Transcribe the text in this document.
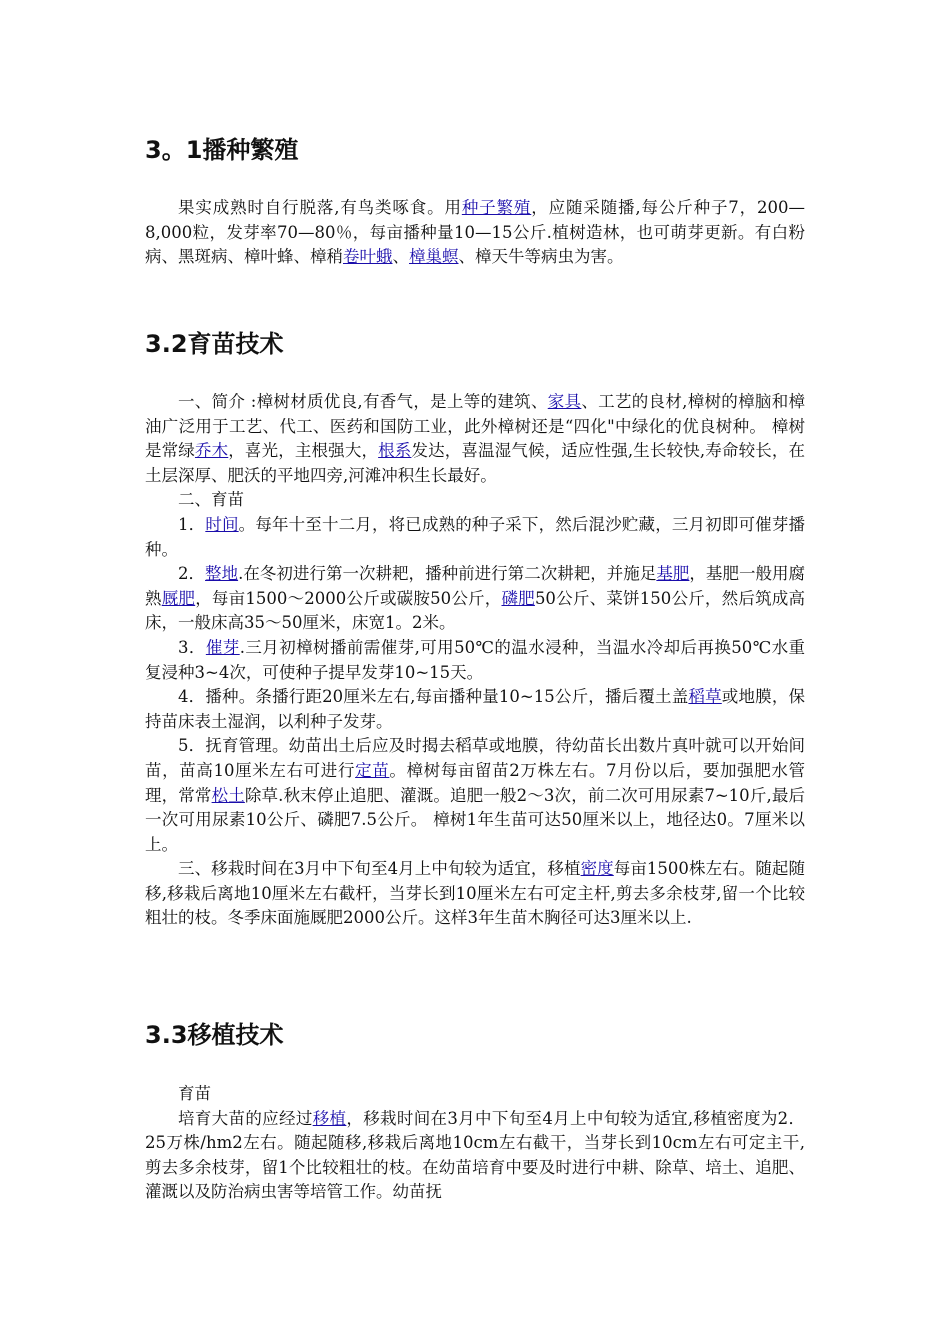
3。1播种繁殖

果实成熟时自行脱落,有鸟类啄食。用种子繁殖，应随采随播,每公斤种子7，200—8,000粒，发芽率70—80％，每亩播种量10—15公斤.植树造林，也可萌芽更新。有白粉病、黑斑病、樟叶蜂、樟稍卷叶蛾、樟巢螟、樟天牛等病虫为害。

3.2育苗技术

一、简介 :樟树材质优良,有香气，是上等的建筑、家具、工艺的良材,樟树的樟脑和樟油广泛用于工艺、代工、医药和国防工业，此外樟树还是“四化"中绿化的优良树种。 樟树是常绿乔木，喜光，主根强大，根系发达，喜温湿气候，适应性强,生长较快,寿命较长，在土层深厚、肥沃的平地四旁,河滩冲积生长最好。

二、育苗

1．时间。每年十至十二月，将已成熟的种子采下，然后混沙贮藏，三月初即可催芽播种。

2．整地.在冬初进行第一次耕耙，播种前进行第二次耕耙，并施足基肥，基肥一般用腐熟厩肥，每亩1500～2000公斤或碳胺50公斤，磷肥50公斤、菜饼150公斤，然后筑成高床，一般床高35～50厘米，床宽1。2米。

3．催芽.三月初樟树播前需催芽,可用50℃的温水浸种，当温水冷却后再换50℃水重复浸种3~4次，可使种子提早发芽10~15天。

4．播种。条播行距20厘米左右,每亩播种量10~15公斤，播后覆土盖稻草或地膜，保持苗床表土湿润，以利种子发芽。

5．抚育管理。幼苗出土后应及时揭去稻草或地膜，待幼苗长出数片真叶就可以开始间苗，苗高10厘米左右可进行定苗。樟树每亩留苗2万株左右。7月份以后，要加强肥水管理，常常松土除草.秋末停止追肥、灌溉。追肥一般2～3次，前二次可用尿素7~10斤,最后一次可用尿素10公斤、磷肥7.5公斤。 樟树1年生苗可达50厘米以上，地径达0。7厘米以上。

三、移栽时间在3月中下旬至4月上中旬较为适宜，移植密度每亩1500株左右。随起随移,移栽后离地10厘米左右截杆，当芽长到10厘米左右可定主杆,剪去多余枝芽,留一个比较粗壮的枝。冬季床面施厩肥2000公斤。这样3年生苗木胸径可达3厘米以上.

3.3移植技术

育苗

培育大苗的应经过移植，移栽时间在3月中下旬至4月上中旬较为适宜,移植密度为2．25万株/hm2左右。随起随移,移栽后离地10cm左右截干，当芽长到10cm左右可定主干,剪去多余枝芽，留1个比较粗壮的枝。在幼苗培育中要及时进行中耕、除草、培土、追肥、灌溉以及防治病虫害等培管工作。幼苗抚
